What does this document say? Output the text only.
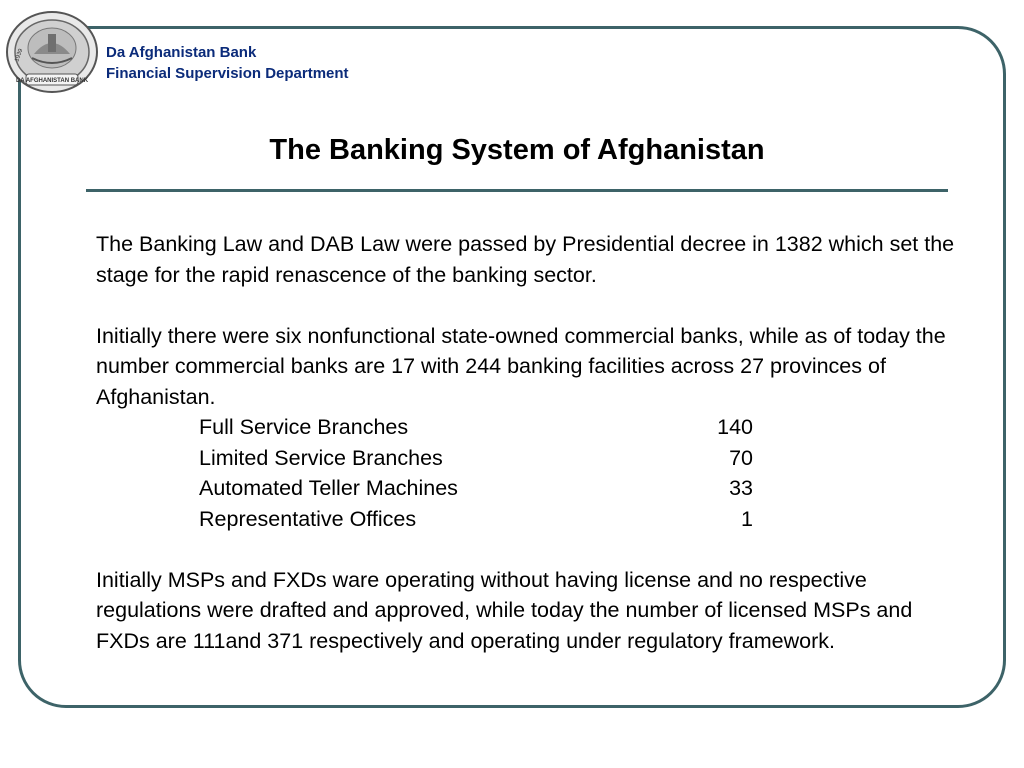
DA AFGHANISTAN BANK
1939	Da Afghanistan Bank
Financial Supervision Department
The Banking System of Afghanistan

The Banking Law and DAB Law were passed by Presidential decree in 1382 which set the stage for the rapid renascence of the banking sector.

Initially there were six nonfunctional state-owned commercial banks, while as of today the number commercial banks are 17 with 244 banking facilities across 27 provinces of Afghanistan.

Full Service Branches	140
Limited Service Branches	70
Automated Teller Machines	33
Representative Offices	1

Initially MSPs and FXDs ware operating without having license and no respective regulations were drafted and approved, while today the number of licensed MSPs and FXDs are 111and 371 respectively and operating under regulatory framework.
